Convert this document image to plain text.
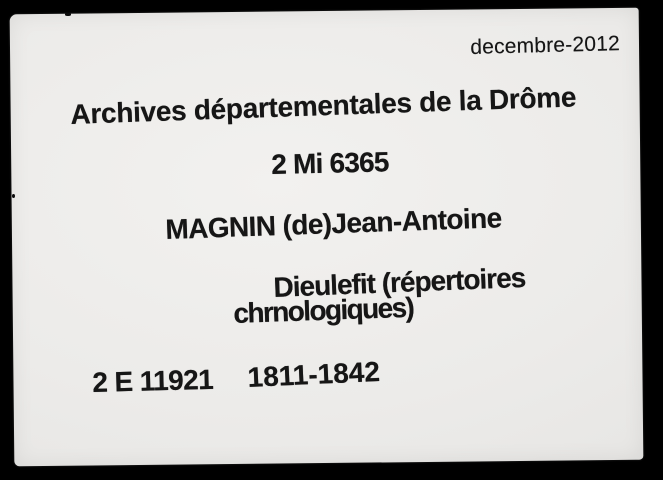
decembre-2012
Archives départementales de la Drôme
2 Mi 6365
MAGNIN (de)Jean-Antoine
Dieulefit (répertoires
chrnologiques)
2 E 11921 1811-1842
